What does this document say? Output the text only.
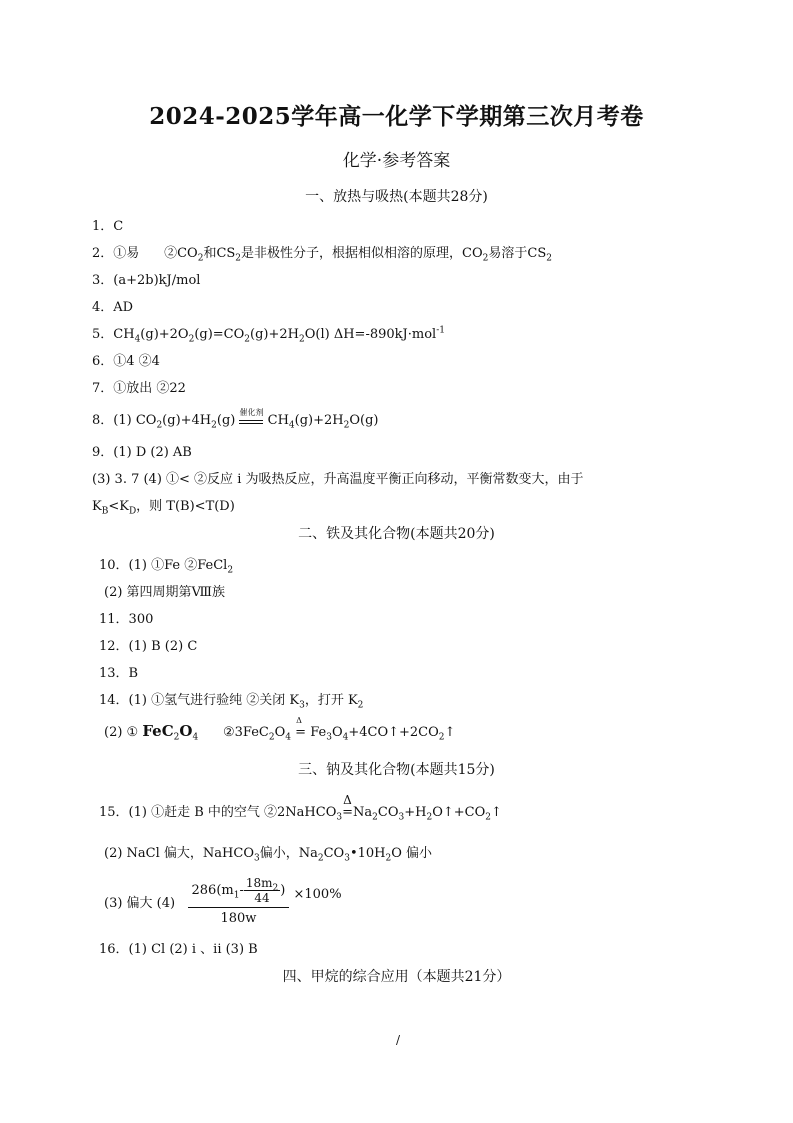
2024-2025学年高一化学下学期第三次月考卷
化学·参考答案
一、放热与吸热(本题共28分)
1．C
2．①易 $②CO_2$和$CS_2$是非极性分子，根据相似相溶的原理，$CO_2$易溶于$CS_2$
3．(a+2b)kJ/mol
4．AD
5．$CH_4(g)+2O_2(g)=CO_2(g)+2H_2O(l)$ ΔH=-890kJ·mol$^{-1}$
6．①4 ②4
7．①放出 ②22
8．(1) $CO_2(g)+4H_2(g)$ 催化剂
$CH_4(g)+2H_2O(g)$
9．(1) D (2) AB
(3) 3. 7 (4) ①< ②反应 i 为吸热反应，升高温度平衡正向移动，平衡常数变大，由于
$K_B<K_D$，则 T(B)<T(D)
二、铁及其化合物(本题共20分)
10．(1) ①Fe ②FeCl$_2$
(2) 第四周期第Ⅷ族
11．300
12．(1) B (2) C
13．B
14．(1) ①氢气进行验纯 ②关闭 $K_3$，打开 $K_2$
(2) ① $FeC_2O_4$ $②3FeC_2O_4$
Δ
= $Fe_3O_4+4CO↑+2CO_2↑$
三、钠及其化合物(本题共15分)
15．(1) ①赶走 B 中的空气 ②2NaHCO$_3$
Δ
$=Na_2CO_3+H_2O↑+CO_2↑$
(2) NaCl 偏大，NaHCO$_3$偏小，$Na_2CO_3•10H_2O$ 偏小
(3) 偏大 $(4) \frac{286(m_1- \frac{18m_2}{44} )}{180w} \times 100\%$
16．(1) Cl (2) i 、ii (3) B
四、甲烷的综合应用（本题共21分）
/
